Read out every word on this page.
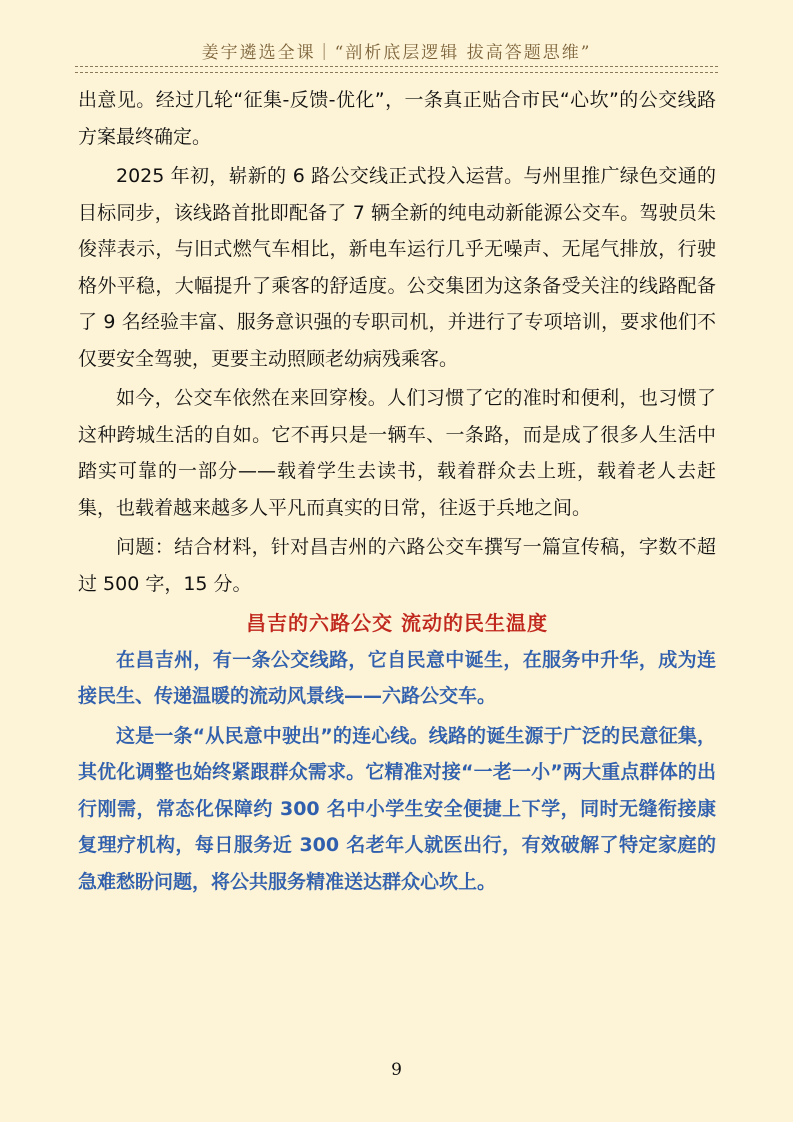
姜宇遴选全课｜“剖析底层逻辑 拔高答题思维”

出意见。经过几轮“征集-反馈-优化”，一条真正贴合市民“心坎”的公交线路方案最终确定。

2025 年初，崭新的 6 路公交线正式投入运营。与州里推广绿色交通的目标同步，该线路首批即配备了 7 辆全新的纯电动新能源公交车。驾驶员朱俊萍表示，与旧式燃气车相比，新电车运行几乎无噪声、无尾气排放，行驶格外平稳，大幅提升了乘客的舒适度。公交集团为这条备受关注的线路配备了 9 名经验丰富、服务意识强的专职司机，并进行了专项培训，要求他们不仅要安全驾驶，更要主动照顾老幼病残乘客。

如今，公交车依然在来回穿梭。人们习惯了它的准时和便利，也习惯了这种跨城生活的自如。它不再只是一辆车、一条路，而是成了很多人生活中踏实可靠的一部分——载着学生去读书，载着群众去上班，载着老人去赶集，也载着越来越多人平凡而真实的日常，往返于兵地之间。

问题：结合材料，针对昌吉州的六路公交车撰写一篇宣传稿，字数不超过 500 字，15 分。

昌吉的六路公交 流动的民生温度

在昌吉州，有一条公交线路，它自民意中诞生，在服务中升华，成为连接民生、传递温暖的流动风景线——六路公交车。

这是一条“从民意中驶出”的连心线。线路的诞生源于广泛的民意征集，其优化调整也始终紧跟群众需求。它精准对接“一老一小”两大重点群体的出行刚需，常态化保障约 300 名中小学生安全便捷上下学，同时无缝衔接康复理疗机构，每日服务近 300 名老年人就医出行，有效破解了特定家庭的急难愁盼问题，将公共服务精准送达群众心坎上。

9
